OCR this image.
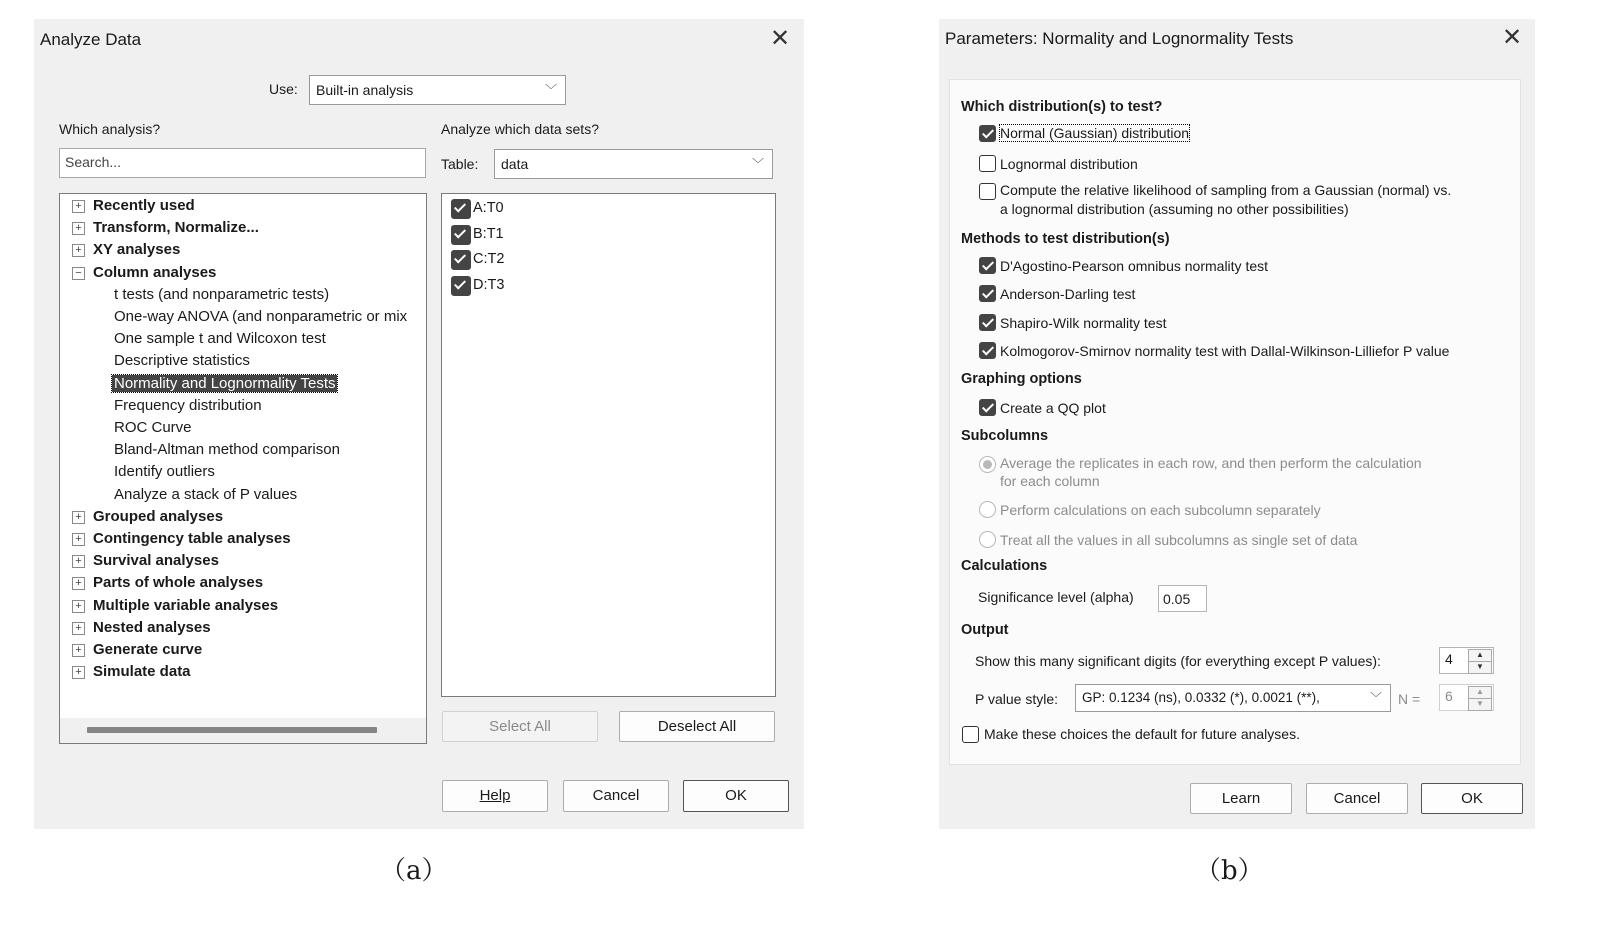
Analyze Data	✕
Use:	Built-in analysis	﹀
Which analysis?
Search...
+ Recently used
+ Transform, Normalize...
+ XY analyses
− Column analyses
t tests (and nonparametric tests)
One-way ANOVA (and nonparametric or mix
One sample t and Wilcoxon test
Descriptive statistics
Normality and Lognormality Tests
Frequency distribution
ROC Curve
Bland-Altman method comparison
Identify outliers
Analyze a stack of P values
+ Grouped analyses
+ Contingency table analyses
+ Survival analyses
+ Parts of whole analyses
+ Multiple variable analyses
+ Nested analyses
+ Generate curve
+ Simulate data
Analyze which data sets?
Table:	data	﹀
A:T0
B:T1
C:T2
D:T3
Select All	Deselect All
Help	Cancel	OK
Parameters: Normality and Lognormality Tests	✕
Which distribution(s) to test?
Normal (Gaussian) distribution
Lognormal distribution
Compute the relative likelihood of sampling from a Gaussian (normal) vs.
a lognormal distribution (assuming no other possibilities)
Methods to test distribution(s)
D'Agostino-Pearson omnibus normality test
Anderson-Darling test
Shapiro-Wilk normality test
Kolmogorov-Smirnov normality test with Dallal-Wilkinson-Lilliefor P value
Graphing options
Create a QQ plot
Subcolumns
Average the replicates in each row, and then perform the calculation
for each column
Perform calculations on each subcolumn separately
Treat all the values in all subcolumns as single set of data
Calculations
Significance level (alpha) 0.05
Output
Show this many significant digits (for everything except P values):	4	▲
▼
P value style:	GP: 0.1234 (ns), 0.0332 (*), 0.0021 (**),	﹀ N = 6	▲
▼
Make these choices the default for future analyses.
Learn	Cancel	OK
（a）	（b）
